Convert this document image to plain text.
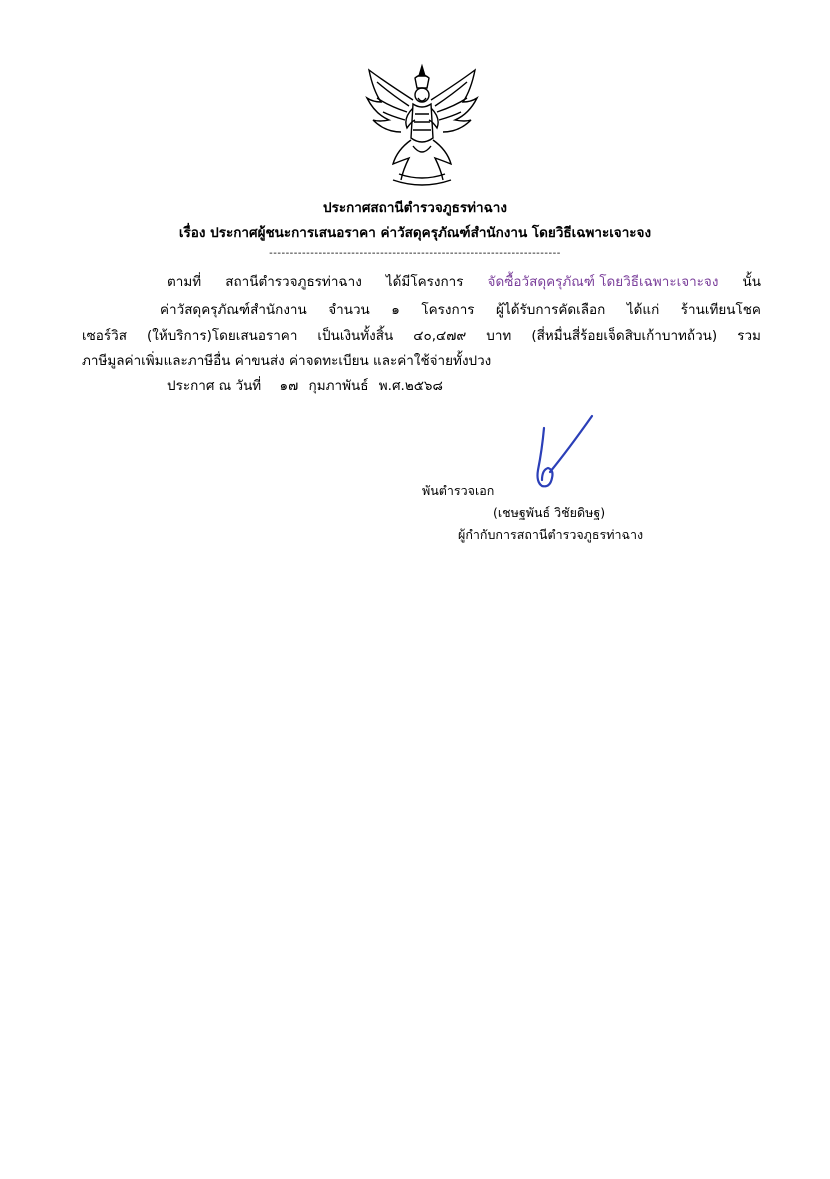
ประกาศสถานีตำรวจภูธรท่าฉาง
เรื่อง ประกาศผู้ชนะการเสนอราคา ค่าวัสดุครุภัณฑ์สำนักงาน โดยวิธีเฉพาะเจาะจง
-----------------------------------------------------------------------
ตามที่ สถานีตำรวจภูธรท่าฉาง ได้มีโครงการ จัดซื้อวัสดุครุภัณฑ์ โดยวิธีเฉพาะเจาะจง นั้น
ค่าวัสดุครุภัณฑ์สำนักงาน จำนวน ๑ โครงการ ผู้ได้รับการคัดเลือก ได้แก่ ร้านเทียนโชค
เซอร์วิส (ให้บริการ)โดยเสนอราคา เป็นเงินทั้งสิ้น ๔๐,๔๗๙ บาท (สี่หมื่นสี่ร้อยเจ็ดสิบเก้าบาทถ้วน) รวม
ภาษีมูลค่าเพิ่มและภาษีอื่น ค่าขนส่ง ค่าจดทะเบียน และค่าใช้จ่ายทั้งปวง
ประกาศ ณ วันที่ ๑๗ กุมภาพันธ์ พ.ศ.๒๕๖๘
พันตำรวจเอก
(เชษฐพันธ์ วิชัยดิษฐ)
ผู้กำกับการสถานีตำรวจภูธรท่าฉาง
